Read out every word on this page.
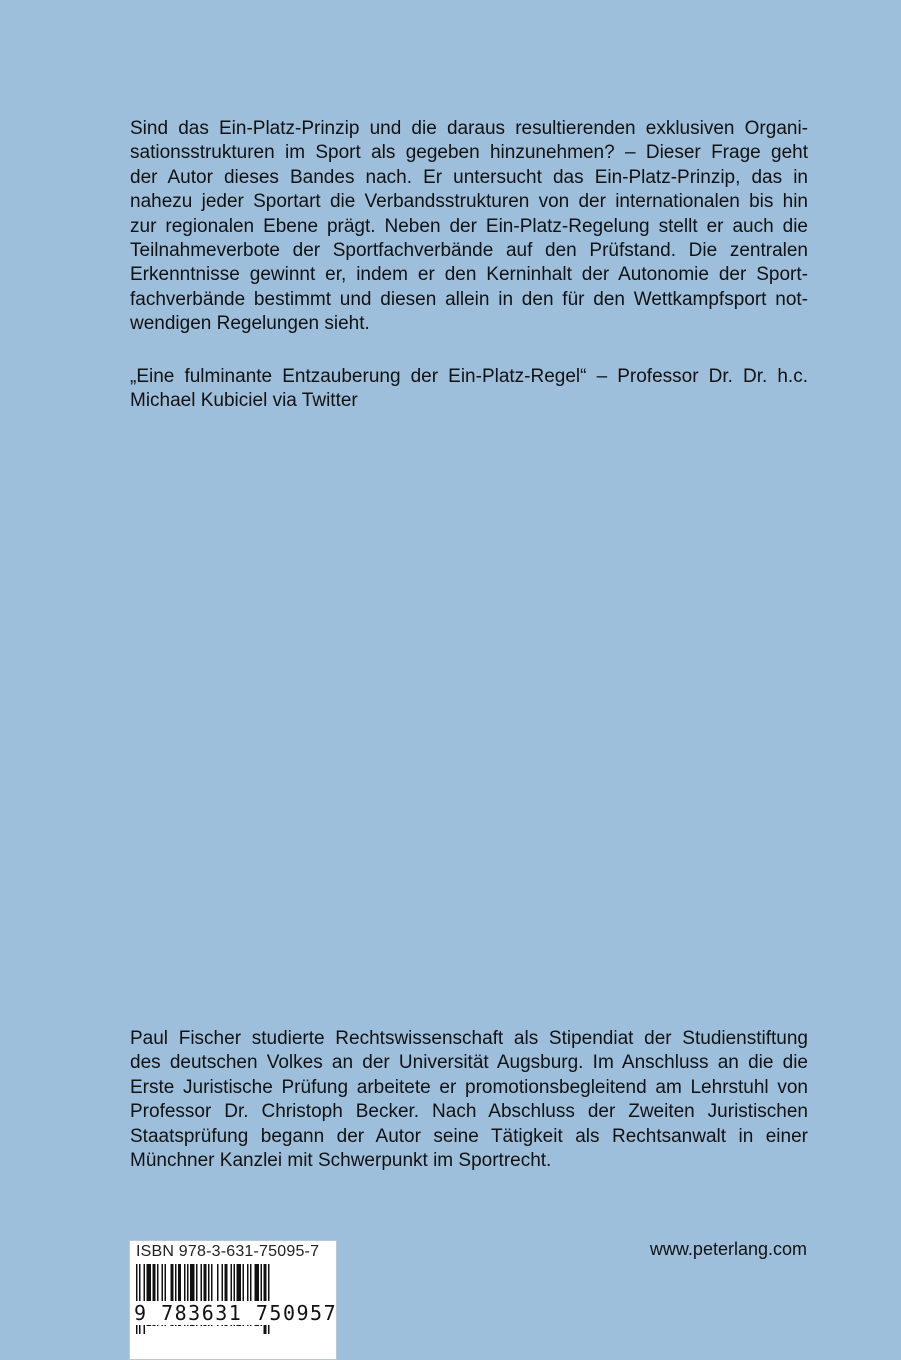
Sind das Ein-Platz-Prinzip und die daraus resultierenden exklusiven Organi-
sationsstrukturen im Sport als gegeben hinzunehmen? – Dieser Frage geht
der Autor dieses Bandes nach. Er untersucht das Ein-Platz-Prinzip, das in
nahezu jeder Sportart die Verbandsstrukturen von der internationalen bis hin
zur regionalen Ebene prägt. Neben der Ein-Platz-Regelung stellt er auch die
Teilnahmeverbote der Sportfachverbände auf den Prüfstand. Die zentralen
Erkenntnisse gewinnt er, indem er den Kerninhalt der Autonomie der Sport-
fachverbände bestimmt und diesen allein in den für den Wettkampfsport not-
wendigen Regelungen sieht.
„Eine fulminante Entzauberung der Ein-Platz-Regel“ – Professor Dr. Dr. h.c.
Michael Kubiciel via Twitter
Paul Fischer studierte Rechtswissenschaft als Stipendiat der Studienstiftung
des deutschen Volkes an der Universität Augsburg. Im Anschluss an die die
Erste Juristische Prüfung arbeitete er promotionsbegleitend am Lehrstuhl von
Professor Dr. Christoph Becker. Nach Abschluss der Zweiten Juristischen
Staatsprüfung begann der Autor seine Tätigkeit als Rechtsanwalt in einer
Münchner Kanzlei mit Schwerpunkt im Sportrecht.
ISBN 978-3-631-75095-7
9 783631 750957
www.peterlang.com
